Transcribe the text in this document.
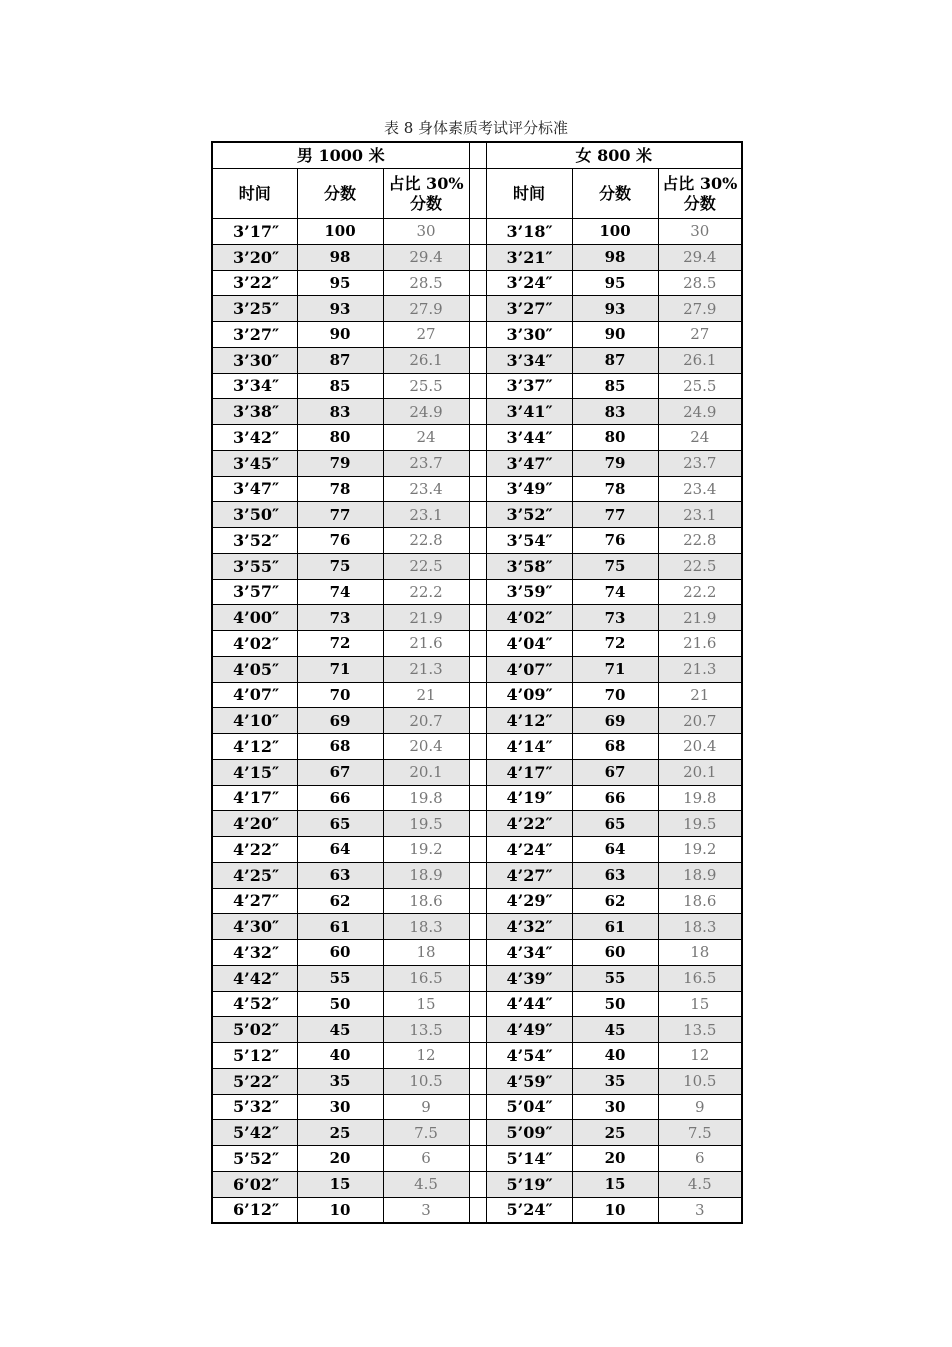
表 8 身体素质考试评分标准
男 1000 米				女 800 米		
时间	分数	占比 30% 分数		时间	分数	占比 30% 分数
3’17″	100	30		3’18″	100	30
3’20″	98	29.4		3’21″	98	29.4
3’22″	95	28.5		3’24″	95	28.5
3’25″	93	27.9		3’27″	93	27.9
3’27″	90	27		3’30″	90	27
3’30″	87	26.1		3’34″	87	26.1
3’34″	85	25.5		3’37″	85	25.5
3’38″	83	24.9		3’41″	83	24.9
3’42″	80	24		3’44″	80	24
3’45″	79	23.7		3’47″	79	23.7
3’47″	78	23.4		3’49″	78	23.4
3’50″	77	23.1		3’52″	77	23.1
3’52″	76	22.8		3’54″	76	22.8
3’55″	75	22.5		3’58″	75	22.5
3’57″	74	22.2		3’59″	74	22.2
4’00″	73	21.9		4’02″	73	21.9
4’02″	72	21.6		4’04″	72	21.6
4’05″	71	21.3		4’07″	71	21.3
4’07″	70	21		4’09″	70	21
4’10″	69	20.7		4’12″	69	20.7
4’12″	68	20.4		4’14″	68	20.4
4’15″	67	20.1		4’17″	67	20.1
4’17″	66	19.8		4’19″	66	19.8
4’20″	65	19.5		4’22″	65	19.5
4’22″	64	19.2		4’24″	64	19.2
4’25″	63	18.9		4’27″	63	18.9
4’27″	62	18.6		4’29″	62	18.6
4’30″	61	18.3		4’32″	61	18.3
4’32″	60	18		4’34″	60	18
4’42″	55	16.5		4’39″	55	16.5
4’52″	50	15		4’44″	50	15
5’02″	45	13.5		4’49″	45	13.5
5’12″	40	12		4’54″	40	12
5’22″	35	10.5		4’59″	35	10.5
5’32″	30	9		5’04″	30	9
5’42″	25	7.5		5’09″	25	7.5
5’52″	20	6		5’14″	20	6
6’02″	15	4.5		5’19″	15	4.5
6’12″	10	3		5’24″	10	3
